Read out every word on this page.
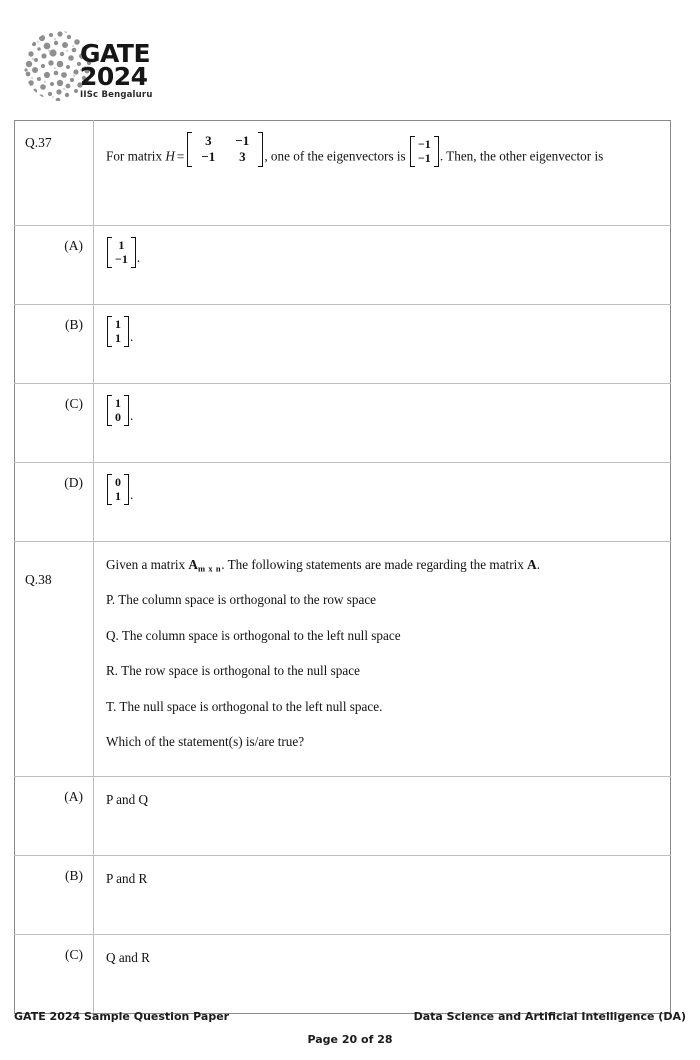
GATE
2024
IISc Bengaluru
Q.37

For matrix H =
3	−1
−1	3	, one of the eigenvectors is
−1
−1 . Then, the other eigenvector is

(A)	1
−1 .

(B)	1
1 .

(C)	1
0 .

(D)	0
1 .

Q.38

Given a matrix Am x n. The following statements are made regarding the matrix A.
P. The column space is orthogonal to the row space
Q. The column space is orthogonal to the left null space
R. The row space is orthogonal to the null space
T. The null space is orthogonal to the left null space.
Which of the statement(s) is/are true?

(A)	P and Q

(B)	P and R

(C)	Q and R
GATE 2024 Sample Question Paper	Data Science and Artificial Intelligence (DA)
Page 20 of 28
